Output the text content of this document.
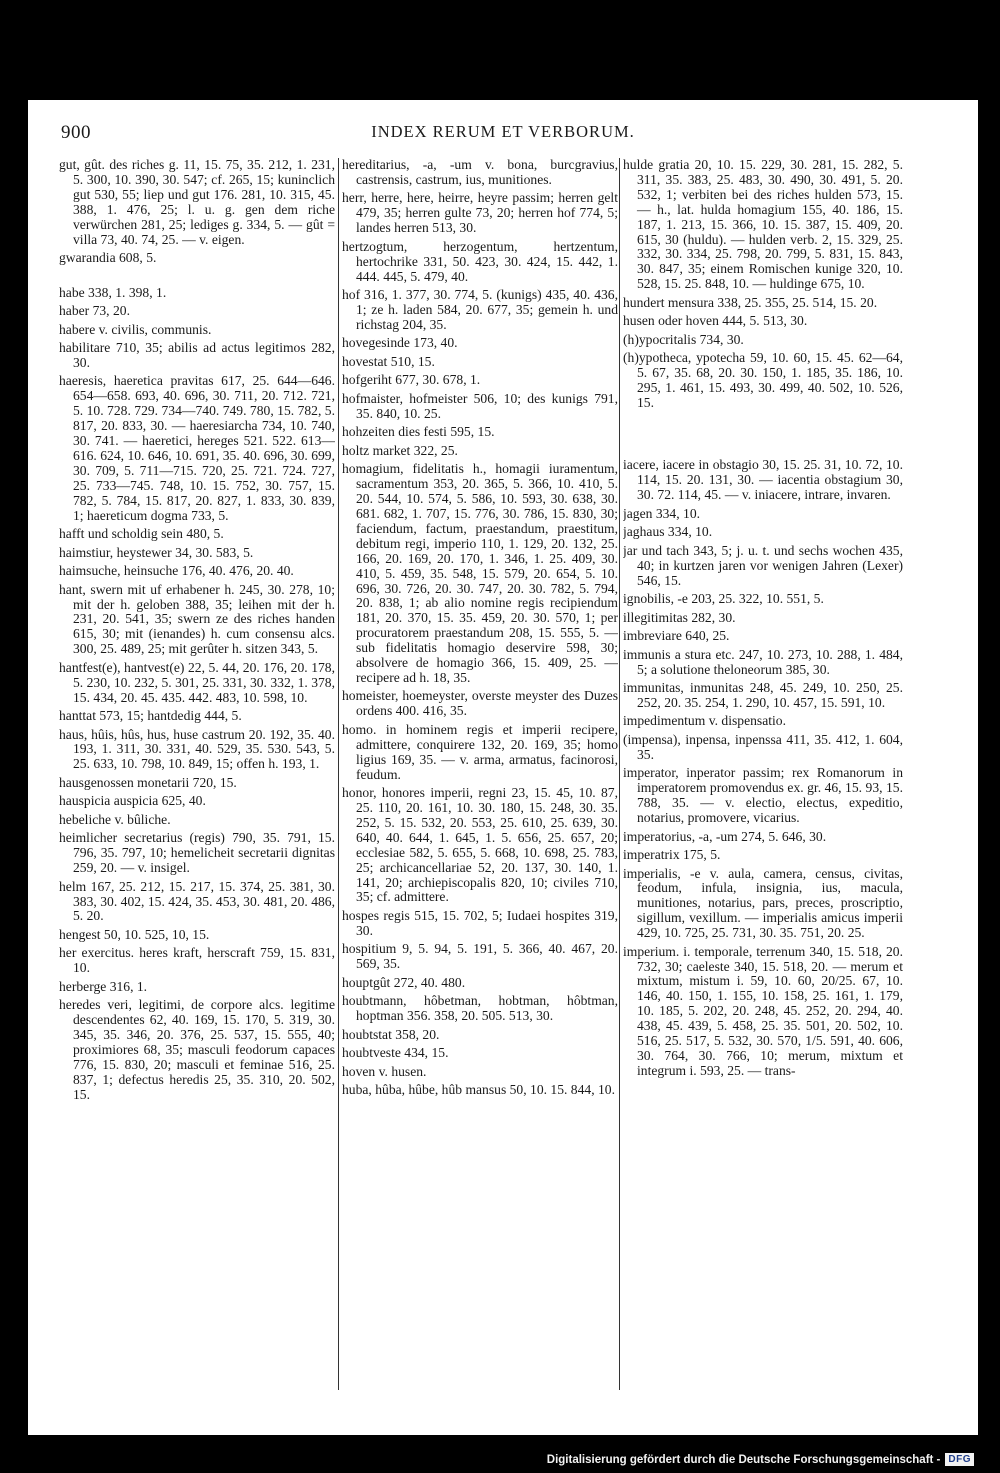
900	INDEX RERUM ET VERBORUM.
gut, gût. des riches g. 11, 15. 75, 35. 212, 1. 231, 5. 300, 10. 390, 30. 547; cf. 265, 15; kuninclich gut 530, 55; liep und gut 176. 281, 10. 315, 45. 388, 1. 476, 25; l. u. g. gen dem riche verwürchen 281, 25; lediges g. 334, 5. — gût = villa 73, 40. 74, 25. — v. eigen.
gwarandia 608, 5.
habe 338, 1. 398, 1.
haber 73, 20.
habere v. civilis, communis.
habilitare 710, 35; abilis ad actus legitimos 282, 30.
haeresis, haeretica pravitas 617, 25. 644—646. 654—658. 693, 40. 696, 30. 711, 20. 712. 721, 5. 10. 728. 729. 734—740. 749. 780, 15. 782, 5. 817, 20. 833, 30. — haeresiarcha 734, 10. 740, 30. 741. — haeretici, hereges 521. 522. 613—616. 624, 10. 646, 10. 691, 35. 40. 696, 30. 699, 30. 709, 5. 711—715. 720, 25. 721. 724. 727, 25. 733—745. 748, 10. 15. 752, 30. 757, 15. 782, 5. 784, 15. 817, 20. 827, 1. 833, 30. 839, 1; haereticum dogma 733, 5.
hafft und scholdig sein 480, 5.
haimstiur, heystewer 34, 30. 583, 5.
haimsuche, heinsuche 176, 40. 476, 20. 40.
hant, swern mit uf erhabener h. 245, 30. 278, 10; mit der h. geloben 388, 35; leihen mit der h. 231, 20. 541, 35; swern ze des riches handen 615, 30; mit (ienandes) h. cum consensu alcs. 300, 25. 489, 25; mit gerûter h. sitzen 343, 5.
hantfest(e), hantvest(e) 22, 5. 44, 20. 176, 20. 178, 5. 230, 10. 232, 5. 301, 25. 331, 30. 332, 1. 378, 15. 434, 20. 45. 435. 442. 483, 10. 598, 10.
hanttat 573, 15; hantdedig 444, 5.
haus, hûis, hûs, hus, huse castrum 20. 192, 35. 40. 193, 1. 311, 30. 331, 40. 529, 35. 530. 543, 5. 25. 633, 10. 798, 10. 849, 15; offen h. 193, 1.
hausgenossen monetarii 720, 15.
hauspicia auspicia 625, 40.
hebeliche v. bûliche.
heimlicher secretarius (regis) 790, 35. 791, 15. 796, 35. 797, 10; hemelicheit secretarii dignitas 259, 20. — v. insigel.
helm 167, 25. 212, 15. 217, 15. 374, 25. 381, 30. 383, 30. 402, 15. 424, 35. 453, 30. 481, 20. 486, 5. 20.
hengest 50, 10. 525, 10, 15.
her exercitus. heres kraft, herscraft 759, 15. 831, 10.
herberge 316, 1.
heredes veri, legitimi, de corpore alcs. legitime descendentes 62, 40. 169, 15. 170, 5. 319, 30. 345, 35. 346, 20. 376, 25. 537, 15. 555, 40; proximiores 68, 35; masculi feodorum capaces 776, 15. 830, 20; masculi et feminae 516, 25. 837, 1; defectus heredis 25, 35. 310, 20. 502, 15.
hereditarius, -a, -um v. bona, burcgravius, castrensis, castrum, ius, munitiones.
herr, herre, here, heirre, heyre passim; herren gelt 479, 35; herren gulte 73, 20; herren hof 774, 5; landes herren 513, 30.
hertzogtum, herzogentum, hertzentum, hertochrike 331, 50. 423, 30. 424, 15. 442, 1. 444. 445, 5. 479, 40.
hof 316, 1. 377, 30. 774, 5. (kunigs) 435, 40. 436, 1; ze h. laden 584, 20. 677, 35; gemein h. und richstag 204, 35.
hovegesinde 173, 40.
hovestat 510, 15.
hofgeriht 677, 30. 678, 1.
hofmaister, hofmeister 506, 10; des kunigs 791, 35. 840, 10. 25.
hohzeiten dies festi 595, 15.
holtz market 322, 25.
homagium, fidelitatis h., homagii iuramentum, sacramentum 353, 20. 365, 5. 366, 10. 410, 5. 20. 544, 10. 574, 5. 586, 10. 593, 30. 638, 30. 681. 682, 1. 707, 15. 776, 30. 786, 15. 830, 30; faciendum, factum, praestandum, praestitum, debitum regi, imperio 110, 1. 129, 20. 132, 25. 166, 20. 169, 20. 170, 1. 346, 1. 25. 409, 30. 410, 5. 459, 35. 548, 15. 579, 20. 654, 5. 10. 696, 30. 726, 20. 30. 747, 20. 30. 782, 5. 794, 20. 838, 1; ab alio nomine regis recipiendum 181, 20. 370, 15. 35. 459, 20. 30. 570, 1; per procuratorem praestandum 208, 15. 555, 5. — sub fidelitatis homagio deservire 598, 30; absolvere de homagio 366, 15. 409, 25. — recipere ad h. 18, 35.
homeister, hoemeyster, overste meyster des Duzes ordens 400. 416, 35.
homo. in hominem regis et imperii recipere, admittere, conquirere 132, 20. 169, 35; homo ligius 169, 35. — v. arma, armatus, facinorosi, feudum.
honor, honores imperii, regni 23, 15. 45, 10. 87, 25. 110, 20. 161, 10. 30. 180, 15. 248, 30. 35. 252, 5. 15. 532, 20. 553, 25. 610, 25. 639, 30. 640, 40. 644, 1. 645, 1. 5. 656, 25. 657, 20; ecclesiae 582, 5. 655, 5. 668, 10. 698, 25. 783, 25; archicancellariae 52, 20. 137, 30. 140, 1. 141, 20; archiepiscopalis 820, 10; civiles 710, 35; cf. admittere.
hospes regis 515, 15. 702, 5; Iudaei hospites 319, 30.
hospitium 9, 5. 94, 5. 191, 5. 366, 40. 467, 20. 569, 35.
houptgût 272, 40. 480.
houbtmann, hôbetman, hobtman, hôbtman, hoptman 356. 358, 20. 505. 513, 30.
houbtstat 358, 20.
houbtveste 434, 15.
hoven v. husen.
huba, hûba, hûbe, hûb mansus 50, 10. 15. 844, 10.
hulde gratia 20, 10. 15. 229, 30. 281, 15. 282, 5. 311, 35. 383, 25. 483, 30. 490, 30. 491, 5. 20. 532, 1; verbiten bei des riches hulden 573, 15. — h., lat. hulda homagium 155, 40. 186, 15. 187, 1. 213, 15. 366, 10. 15. 387, 15. 409, 20. 615, 30 (huldu). — hulden verb. 2, 15. 329, 25. 332, 30. 334, 25. 798, 20. 799, 5. 831, 15. 843, 30. 847, 35; einem Romischen kunige 320, 10. 528, 15. 25. 848, 10. — huldinge 675, 10.
hundert mensura 338, 25. 355, 25. 514, 15. 20.
husen oder hoven 444, 5. 513, 30.
(h)ypocritalis 734, 30.
(h)ypotheca, ypotecha 59, 10. 60, 15. 45. 62—64, 5. 67, 35. 68, 20. 30. 150, 1. 185, 35. 186, 10. 295, 1. 461, 15. 493, 30. 499, 40. 502, 10. 526, 15.
iacere, iacere in obstagio 30, 15. 25. 31, 10. 72, 10. 114, 15. 20. 131, 30. — iacentia obstagium 30, 30. 72. 114, 45. — v. iniacere, intrare, invaren.
jagen 334, 10.
jaghaus 334, 10.
jar und tach 343, 5; j. u. t. und sechs wochen 435, 40; in kurtzen jaren vor wenigen Jahren (Lexer) 546, 15.
ignobilis, -e 203, 25. 322, 10. 551, 5.
illegitimitas 282, 30.
imbreviare 640, 25.
immunis a stura etc. 247, 10. 273, 10. 288, 1. 484, 5; a solutione theloneorum 385, 30.
immunitas, inmunitas 248, 45. 249, 10. 250, 25. 252, 20. 35. 254, 1. 290, 10. 457, 15. 591, 10.
impedimentum v. dispensatio.
(impensa), inpensa, inpenssa 411, 35. 412, 1. 604, 35.
imperator, inperator passim; rex Romanorum in imperatorem promovendus ex. gr. 46, 15. 93, 15. 788, 35. — v. electio, electus, expeditio, notarius, promovere, vicarius.
imperatorius, -a, -um 274, 5. 646, 30.
imperatrix 175, 5.
imperialis, -e v. aula, camera, census, civitas, feodum, infula, insignia, ius, macula, munitiones, notarius, pars, preces, proscriptio, sigillum, vexillum. — imperialis amicus imperii 429, 10. 725, 25. 731, 30. 35. 751, 20. 25.
imperium. i. temporale, terrenum 340, 15. 518, 20. 732, 30; caeleste 340, 15. 518, 20. — merum et mixtum, mistum i. 59, 10. 60, 20/25. 67, 10. 146, 40. 150, 1. 155, 10. 158, 25. 161, 1. 179, 10. 185, 5. 202, 20. 248, 45. 252, 20. 294, 40. 438, 45. 439, 5. 458, 25. 35. 501, 20. 502, 10. 516, 25. 517, 5. 532, 30. 570, 1/5. 591, 40. 606, 30. 764, 30. 766, 10; merum, mixtum et integrum i. 593, 25. — trans-
Digitalisierung gefördert durch die Deutsche Forschungsgemeinschaft - DFG
